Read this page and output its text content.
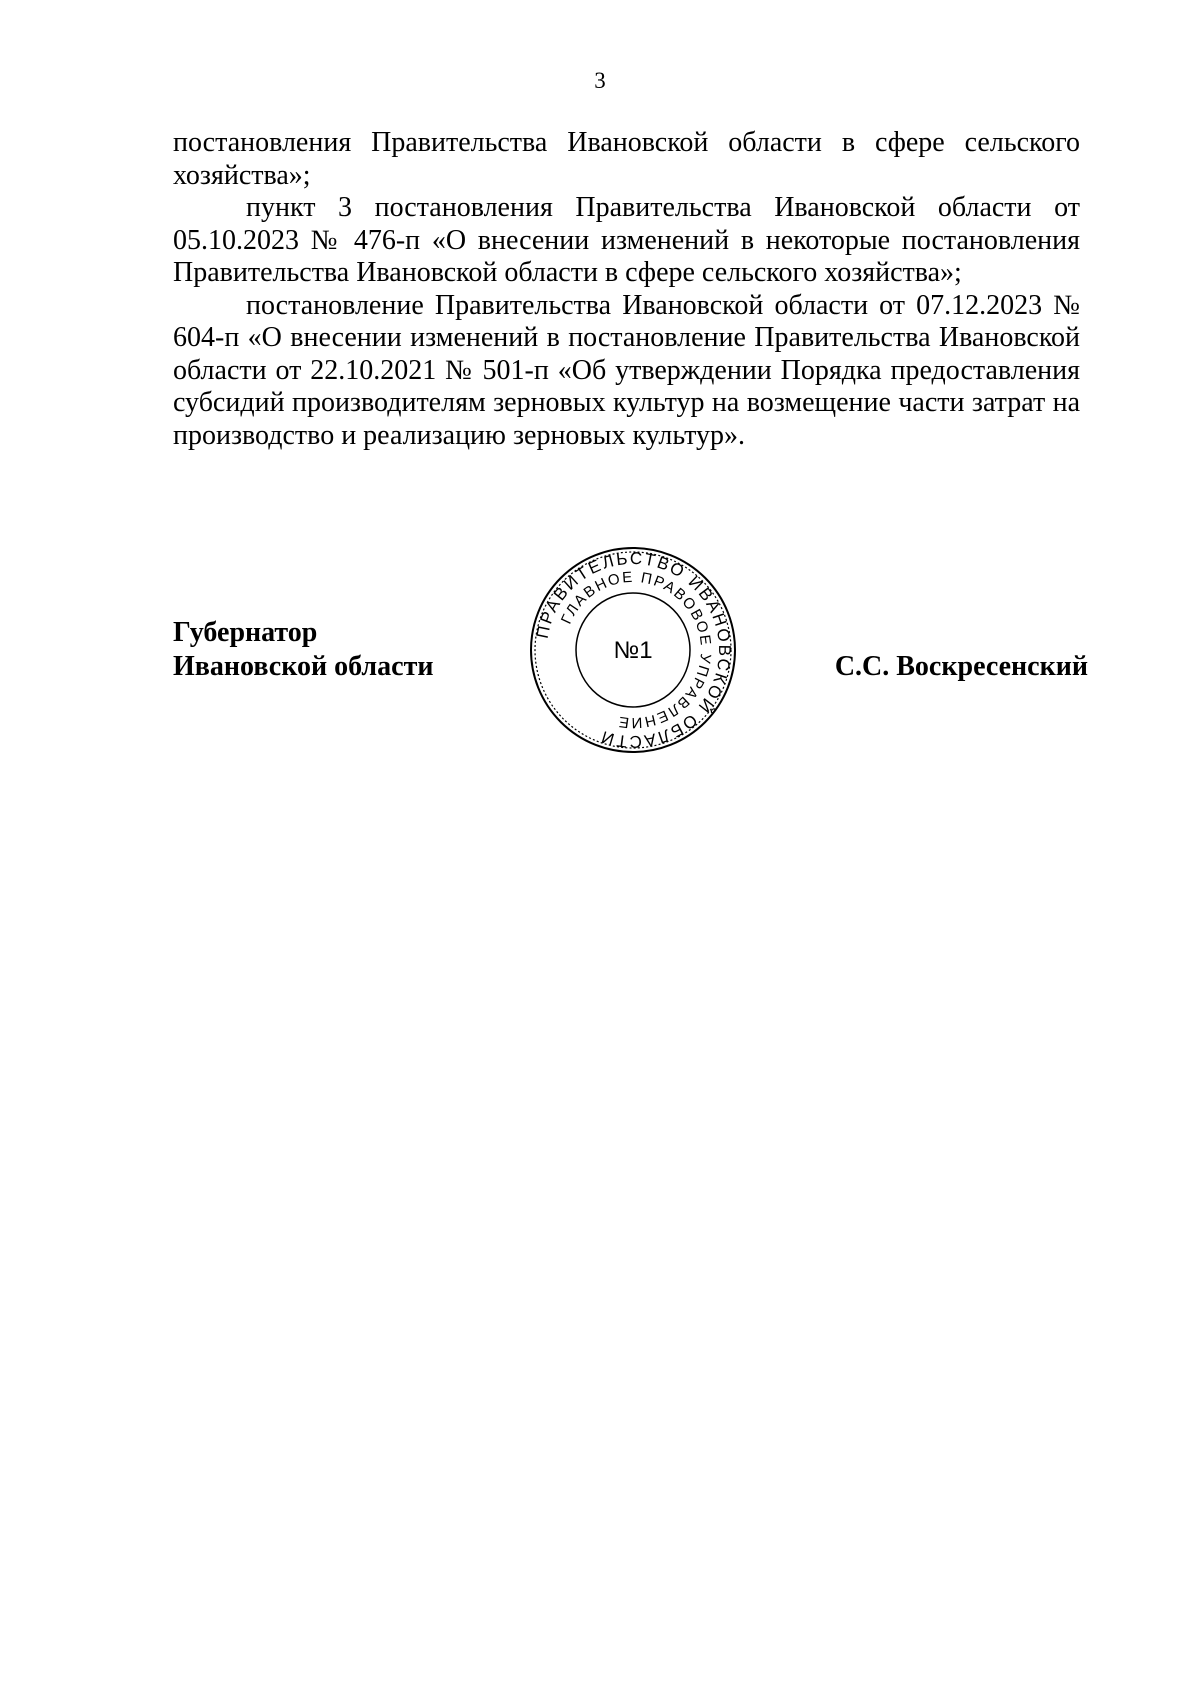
3

постановления Правительства Ивановской области в сфере сельского хозяйства»;

пункт 3 постановления Правительства Ивановской области от 05.10.2023 № 476-п «О внесении изменений в некоторые постановления Правительства Ивановской области в сфере сельского хозяйства»;

постановление Правительства Ивановской области от 07.12.2023 № 604-п «О внесении изменений в постановление Правительства Ивановской области от 22.10.2021 № 501-п «Об утверждении Порядка предоставления субсидий производителям зерновых культур на возмещение части затрат на производство и реализацию зерновых культур».

Губернатор
Ивановской области
ПРАВИТЕЛЬСТВО ИВАНОВСКОЙ ОБЛАСТИ
ГЛАВНОЕ ПРАВОВОЕ УПРАВЛЕНИЕ
№1
С.С. Воскресенский
